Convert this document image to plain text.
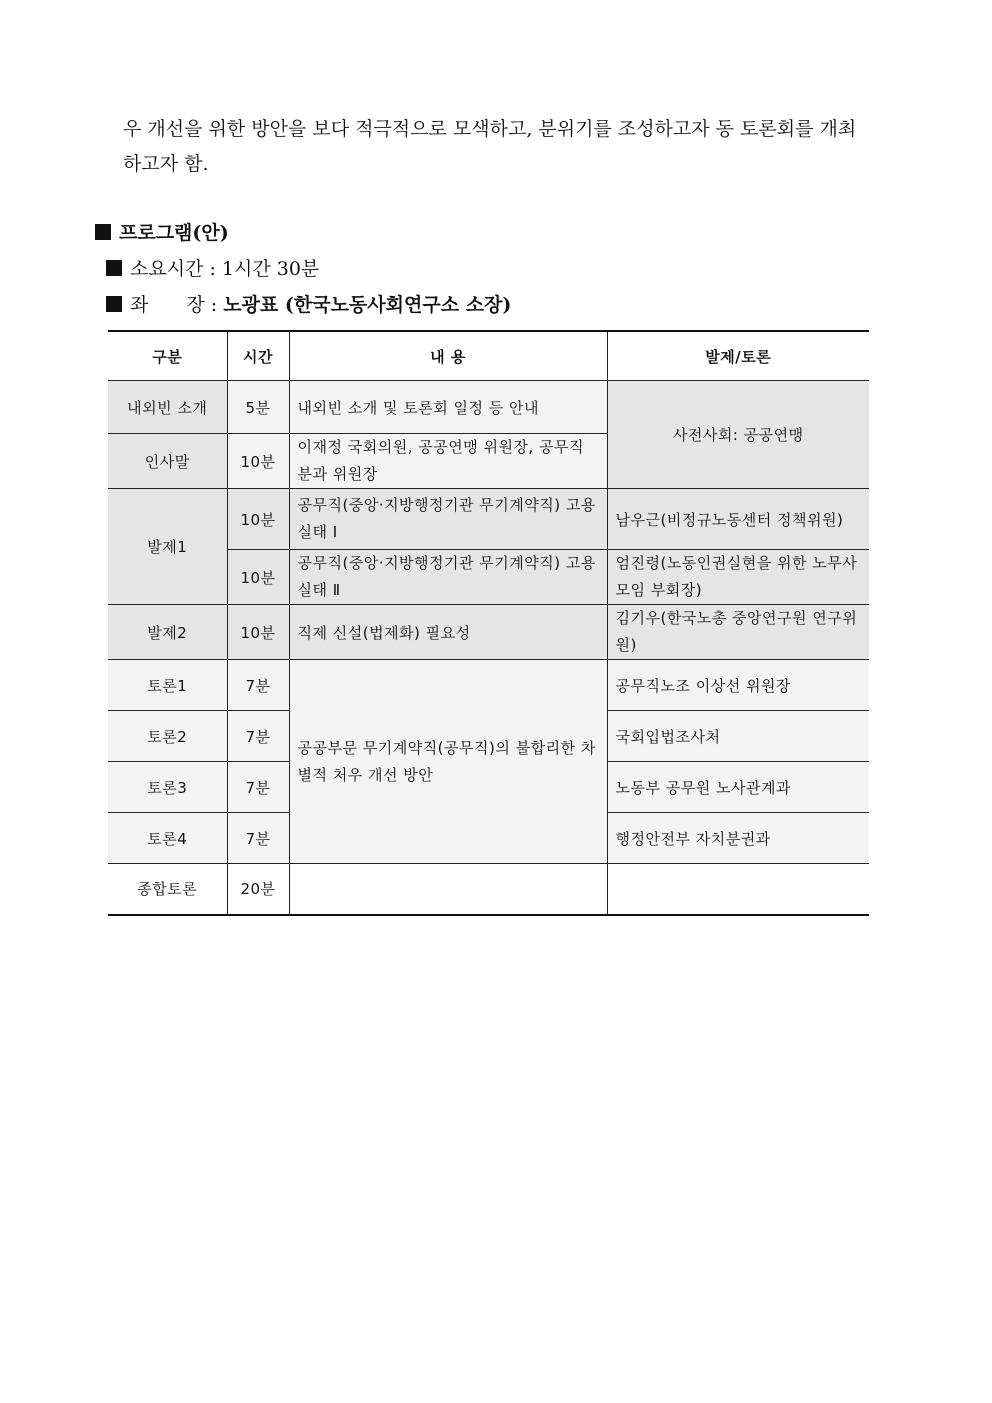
우 개선을 위한 방안을 보다 적극적으로 모색하고, 분위기를 조성하고자 동 토론회를 개최
하고자 함.
프로그램(안)
소요시간 : 1시간 30분
좌 장 : 노광표 (한국노동사회연구소 소장)
구분	시간	내 용	발제/토론
내외빈 소개	5분	내외빈 소개 및 토론회 일정 등 안내	사전사회: 공공연맹
인사말	10분	이재정 국회의원, 공공연맹 위원장, 공무직분과 위원장	
발제1	10분	공무직(중앙·지방행정기관 무기계약직) 고용 실태 Ⅰ	남우근(비정규노동센터 정책위원)
	10분	공무직(중앙·지방행정기관 무기계약직) 고용 실태 Ⅱ	엄진령(노동인권실현을 위한 노무사모임 부회장)
발제2	10분	직제 신설(법제화) 필요성	김기우(한국노총 중앙연구원 연구위원)
토론1	7분	공공부문 무기계약직(공무직)의 불합리한 차별적 처우 개선 방안	공무직노조 이상선 위원장
토론2	7분		국회입법조사처
토론3	7분		노동부 공무원 노사관계과
토론4	7분		행정안전부 자치분권과
종합토론	20분		
